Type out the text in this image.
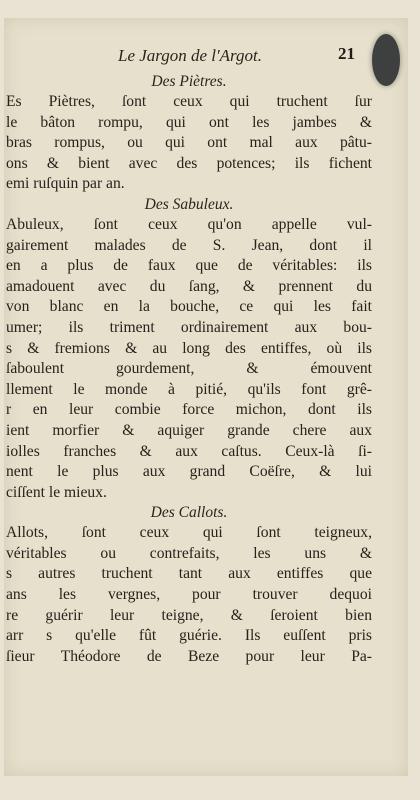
Le Jargon de l'Argot.	21
Des Piètres.
Es Piètres, ſont ceux qui truchent ſur
le bâton rompu, qui ont les jambes &
bras rompus, ou qui ont mal aux pâtu-
ons & bient avec des potences; ils fichent
emi ruſquin par an.
Des Sabuleux.
Abuleux, ſont ceux qu'on appelle vul-
gairement malades de S. Jean, dont il
en a plus de faux que de véritables: ils
amadouent avec du ſang, & prennent du
von blanc en la bouche, ce qui les fait
umer; ils triment ordinairement aux bou-
s & fremions & au long des entiffes, où ils
ſaboulent gourdement, & émouvent
llement le monde à pitié, qu'ils font grê-
r en leur combie force michon, dont ils
ient morfier & aquiger grande chere aux
iolles franches & aux caſtus. Ceux-là ſi-
nent le plus aux grand Coëſre, & lui
ciſſent le mieux.
Des Callots.
Allots, ſont ceux qui ſont teigneux,
véritables ou contrefaits, les uns &
s autres truchent tant aux entiffes que
ans les vergnes, pour trouver dequoi
re guérir leur teigne, & ſeroient bien
arr s qu'elle fût guérie. Ils euſſent pris
ſieur Théodore de Beze pour leur Pa-
